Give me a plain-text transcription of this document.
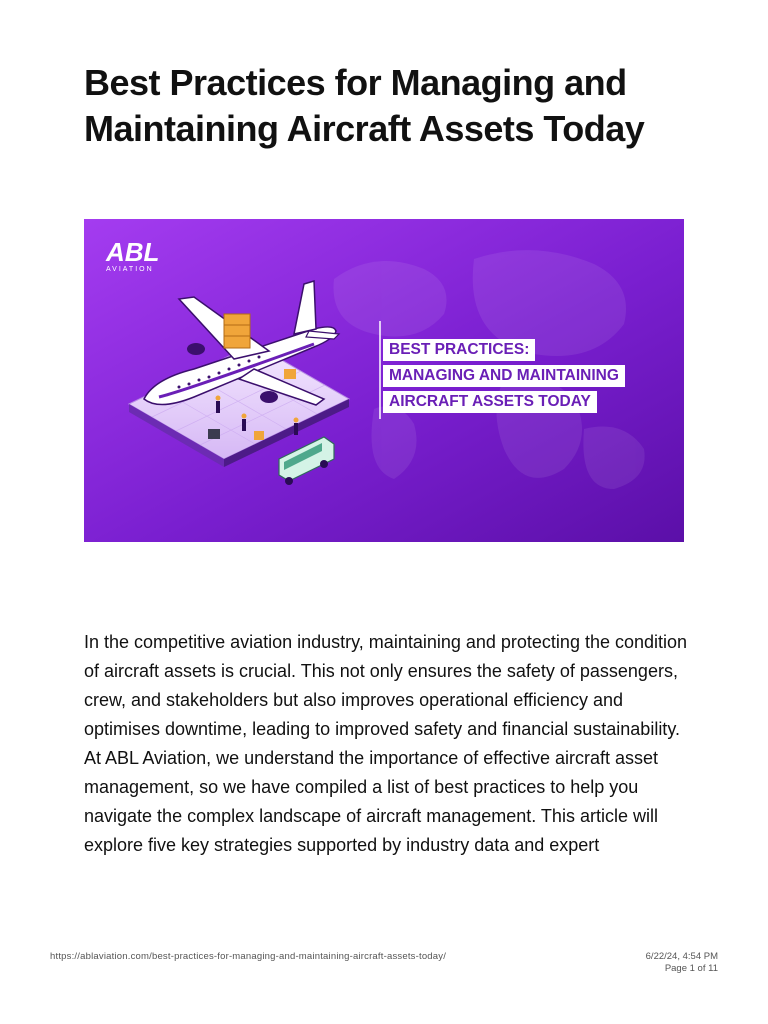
Best Practices for Managing and Maintaining Aircraft Assets Today
ABL
AVIATION
BEST PRACTICES:
MANAGING AND MAINTAINING
AIRCRAFT ASSETS TODAY

In the competitive aviation industry, maintaining and protecting the condition of aircraft assets is crucial. This not only ensures the safety of passengers, crew, and stakeholders but also improves operational efficiency and optimises downtime, leading to improved safety and financial sustainability. At ABL Aviation, we understand the importance of effective aircraft asset management, so we have compiled a list of best practices to help you navigate the complex landscape of aircraft management. This article will explore five key strategies supported by industry data and expert

https://ablaviation.com/best-practices-for-managing-and-maintaining-aircraft-assets-today/	6/22/24, 4:54 PM
Page 1 of 11
